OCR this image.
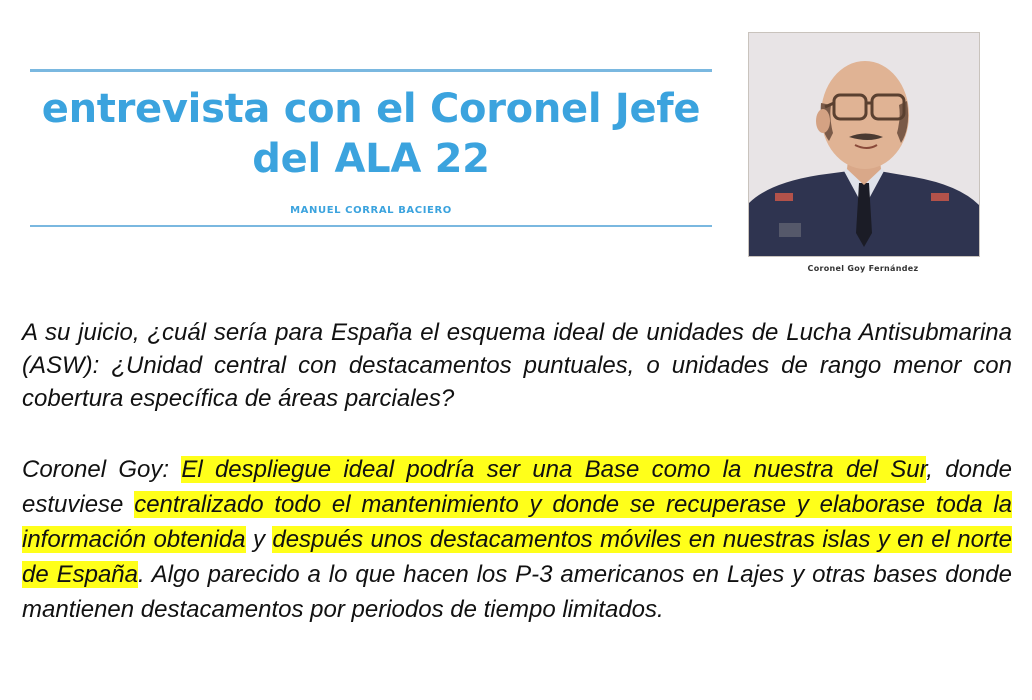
entrevista con el Coronel Jefe
del ALA 22
MANUEL CORRAL BACIERO
Coronel Goy Fernández
A su juicio, ¿cuál sería para España el esquema ideal de unidades de Lucha Antisubmarina (ASW): ¿Unidad central con destacamentos puntuales, o unidades de rango menor con cobertura específica de áreas parciales?
Coronel Goy: El despliegue ideal podría ser una Base como la nuestra del Sur, donde estuviese centralizado todo el mantenimiento y donde se recuperase y elaborase toda la información obtenida y después unos destacamentos móviles en nuestras islas y en el norte de España. Algo parecido a lo que hacen los P-3 americanos en Lajes y otras bases donde mantienen destacamentos por periodos de tiempo limitados.
